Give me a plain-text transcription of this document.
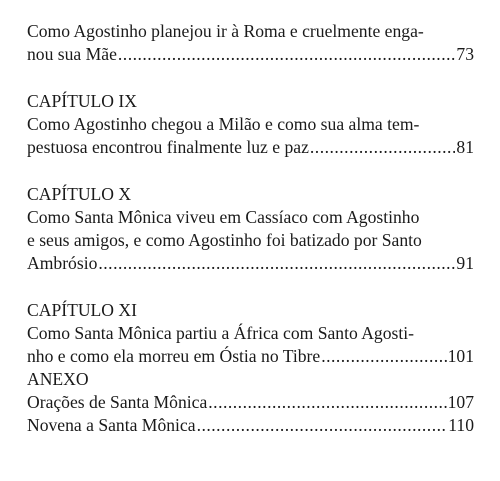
Como Agostinho planejou ir à Roma e cruelmente enga-
nou sua Mãe .....	73
CAPÍTULO IX
Como Agostinho chegou a Milão e como sua alma tem-
pestuosa encontrou finalmente luz e paz .....	81
CAPÍTULO X
Como Santa Mônica viveu em Cassíaco com Agostinho
e seus amigos, e como Agostinho foi batizado por Santo
Ambrósio .....	91
CAPÍTULO XI
Como Santa Mônica partiu a África com Santo Agosti-
nho e como ela morreu em Óstia no Tibre .....	101
ANEXO
Orações de Santa Mônica .....	107
Novena a Santa Mônica .....	110
